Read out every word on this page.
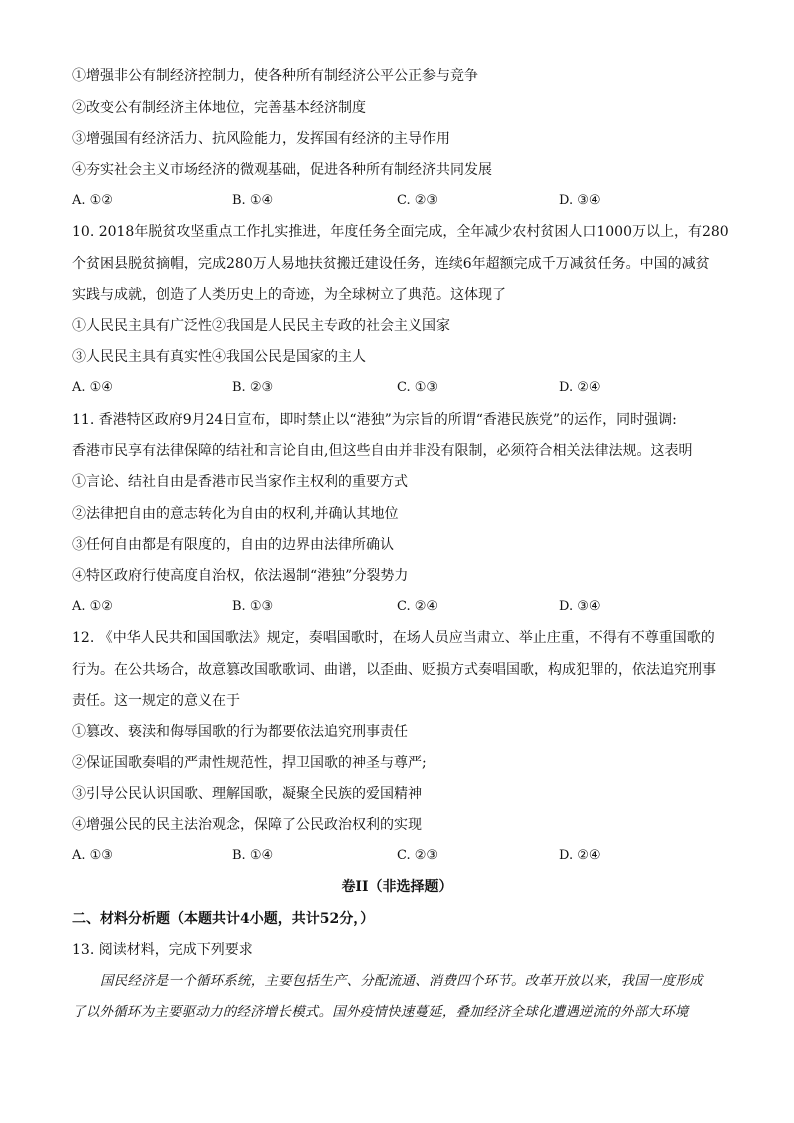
①增强非公有制经济控制力，使各种所有制经济公平公正参与竞争
②改变公有制经济主体地位，完善基本经济制度
③增强国有经济活力、抗风险能力，发挥国有经济的主导作用
④夯实社会主义市场经济的微观基础，促进各种所有制经济共同发展
A. ①②	B. ①④	C. ②③	D. ③④
10. 2018年脱贫攻坚重点工作扎实推进，年度任务全面完成，全年减少农村贫困人口1000万以上，有280
个贫困县脱贫摘帽，完成280万人易地扶贫搬迁建设任务，连续6年超额完成千万减贫任务。中国的减贫
实践与成就，创造了人类历史上的奇迹，为全球树立了典范。这体现了
①人民民主具有广泛性②我国是人民民主专政的社会主义国家
③人民民主具有真实性④我国公民是国家的主人
A. ①④	B. ②③	C. ①③	D. ②④
11. 香港特区政府9月24日宣布，即时禁止以“港独”为宗旨的所谓“香港民族党”的运作，同时强调:
香港市民享有法律保障的结社和言论自由,但这些自由并非没有限制，必须符合相关法律法规。这表明
①言论、结社自由是香港市民当家作主权利的重要方式
②法律把自由的意志转化为自由的权利,并确认其地位
③任何自由都是有限度的，自由的边界由法律所确认
④特区政府行使高度自治权，依法遏制“港独”分裂势力
A. ①②	B. ①③	C. ②④	D. ③④
12. 《中华人民共和国国歌法》规定，奏唱国歌时，在场人员应当肃立、举止庄重，不得有不尊重国歌的
行为。在公共场合，故意篡改国歌歌词、曲谱，以歪曲、贬损方式奏唱国歌，构成犯罪的，依法追究刑事
责任。这一规定的意义在于
①篡改、亵渎和侮辱国歌的行为都要依法追究刑事责任
②保证国歌奏唱的严肃性规范性，捍卫国歌的神圣与尊严;
③引导公民认识国歌、理解国歌，凝聚全民族的爱国精神
④增强公民的民主法治观念，保障了公民政治权利的实现
A. ①③	B. ①④	C. ②③	D. ②④
卷II（非选择题）
二、材料分析题（本题共计4小题，共计52分，）
13. 阅读材料，完成下列要求
国民经济是一个循环系统，主要包括生产、分配流通、消费四个环节。改革开放以来，我国一度形成
了以外循环为主要驱动力的经济增长模式。国外疫情快速蔓延，叠加经济全球化遭遇逆流的外部大环境
